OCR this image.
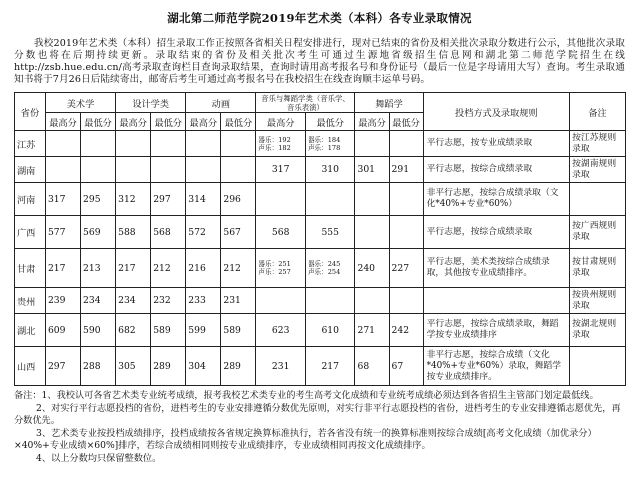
湖北第二师范学院2019年艺术类（本科）各专业录取情况

我校2019年艺术类（本科）招生录取工作正按照各省相关日程安排进行，现对已结束的省份及相关批次录取分数进行公示，其他批次录取分数也将在后期持续更新。录取结束的省份及相关批次考生可通过生源地省级招生信息网和湖北第二师范学院招生在线http://zsb.hue.edu.cn/高考录取查询栏目查询录取结果，查询时请用高考报名号和身份证号（最后一位是字母请用大写）查询。考生录取通知书将于7月26日后陆续寄出，邮寄后考生可通过高考报名号在我校招生在线查询顺丰运单号码。

省份	美术学		设计学类		动画		音乐与舞蹈学类（音乐学、音乐表演）		舞蹈学		投档方式及录取规则	备注
	最高分	最低分	最高分	最低分	最高分	最低分	最高分	最低分	最高分	最低分		
江苏							器乐：192
声乐：182	器乐：184
声乐：178			平行志愿，按专业成绩录取	按江苏规则录取
湖南							317	310	301	291	平行志愿，按综合成绩录取	按湖南规则录取
河南	317	295	312	297	314	296					非平行志愿，按综合成绩录取（文化*40%+专业*60%）	
广西	577	569	588	568	572	567	568	555			平行志愿，按综合成绩录取	按广西规则录取
甘肃	217	213	217	212	216	212	器乐：251
声乐：257	器乐：245
声乐：254	240	227	平行志愿，美术类按综合成绩录取，其他按专业成绩排序。	按甘肃规则录取
贵州	239	234	234	232	233	231						按贵州规则录取
湖北	609	590	682	589	599	589	623	610	271	242	平行志愿，按综合成绩录取，舞蹈学按专业成绩排序	按湖北规则录取
山西	297	288	305	289	304	289	231	217	68	67	非平行志愿，按综合成绩（文化*40%+专业*60%）录取，舞蹈学按专业成绩排序。	

备注：1、我校认可各省艺术类专业统考成绩，报考我校艺术类专业的考生高考文化成绩和专业统考成绩必须达到各省招生主管部门划定最低线。

2、对实行平行志愿投档的省份，进档考生的专业安排遵循分数优先原则，对实行非平行志愿投档的省份，进档考生的专业安排遵循志愿优先，再分数优先。

3、艺术类专业按投档成绩排序，投档成绩按各省规定换算标准执行，若各省没有统一的换算标准则按综合成绩[高考文化成绩（加优录分）×40%+专业成绩×60%]排序，若综合成绩相同则按专业成绩排序，专业成绩相同再按文化成绩排序。

4、以上分数均只保留整数位。
